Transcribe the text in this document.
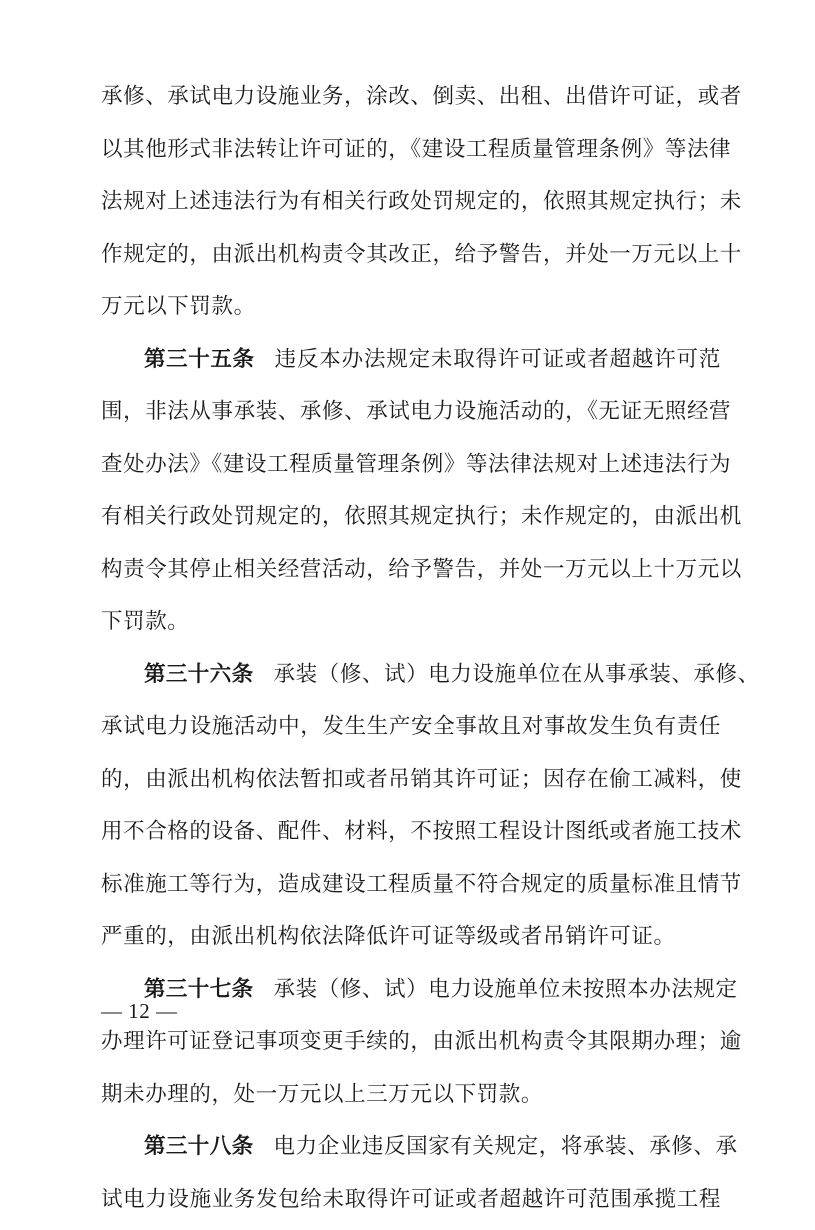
承修、承试电力设施业务，涂改、倒卖、出租、出借许可证，或者
以其他形式非法转让许可证的，《建设工程质量管理条例》等法律
法规对上述违法行为有相关行政处罚规定的，依照其规定执行；未
作规定的，由派出机构责令其改正，给予警告，并处一万元以上十
万元以下罚款。
第三十五条 违反本办法规定未取得许可证或者超越许可范
围，非法从事承装、承修、承试电力设施活动的，《无证无照经营
查处办法》《建设工程质量管理条例》等法律法规对上述违法行为
有相关行政处罚规定的，依照其规定执行；未作规定的，由派出机
构责令其停止相关经营活动，给予警告，并处一万元以上十万元以
下罚款。
第三十六条 承装（修、试）电力设施单位在从事承装、承修、
承试电力设施活动中，发生生产安全事故且对事故发生负有责任
的，由派出机构依法暂扣或者吊销其许可证；因存在偷工减料，使
用不合格的设备、配件、材料，不按照工程设计图纸或者施工技术
标准施工等行为，造成建设工程质量不符合规定的质量标准且情节
严重的，由派出机构依法降低许可证等级或者吊销许可证。
第三十七条 承装（修、试）电力设施单位未按照本办法规定
办理许可证登记事项变更手续的，由派出机构责令其限期办理；逾
期未办理的，处一万元以上三万元以下罚款。
第三十八条 电力企业违反国家有关规定，将承装、承修、承
试电力设施业务发包给未取得许可证或者超越许可范围承揽工程
— 12 —
